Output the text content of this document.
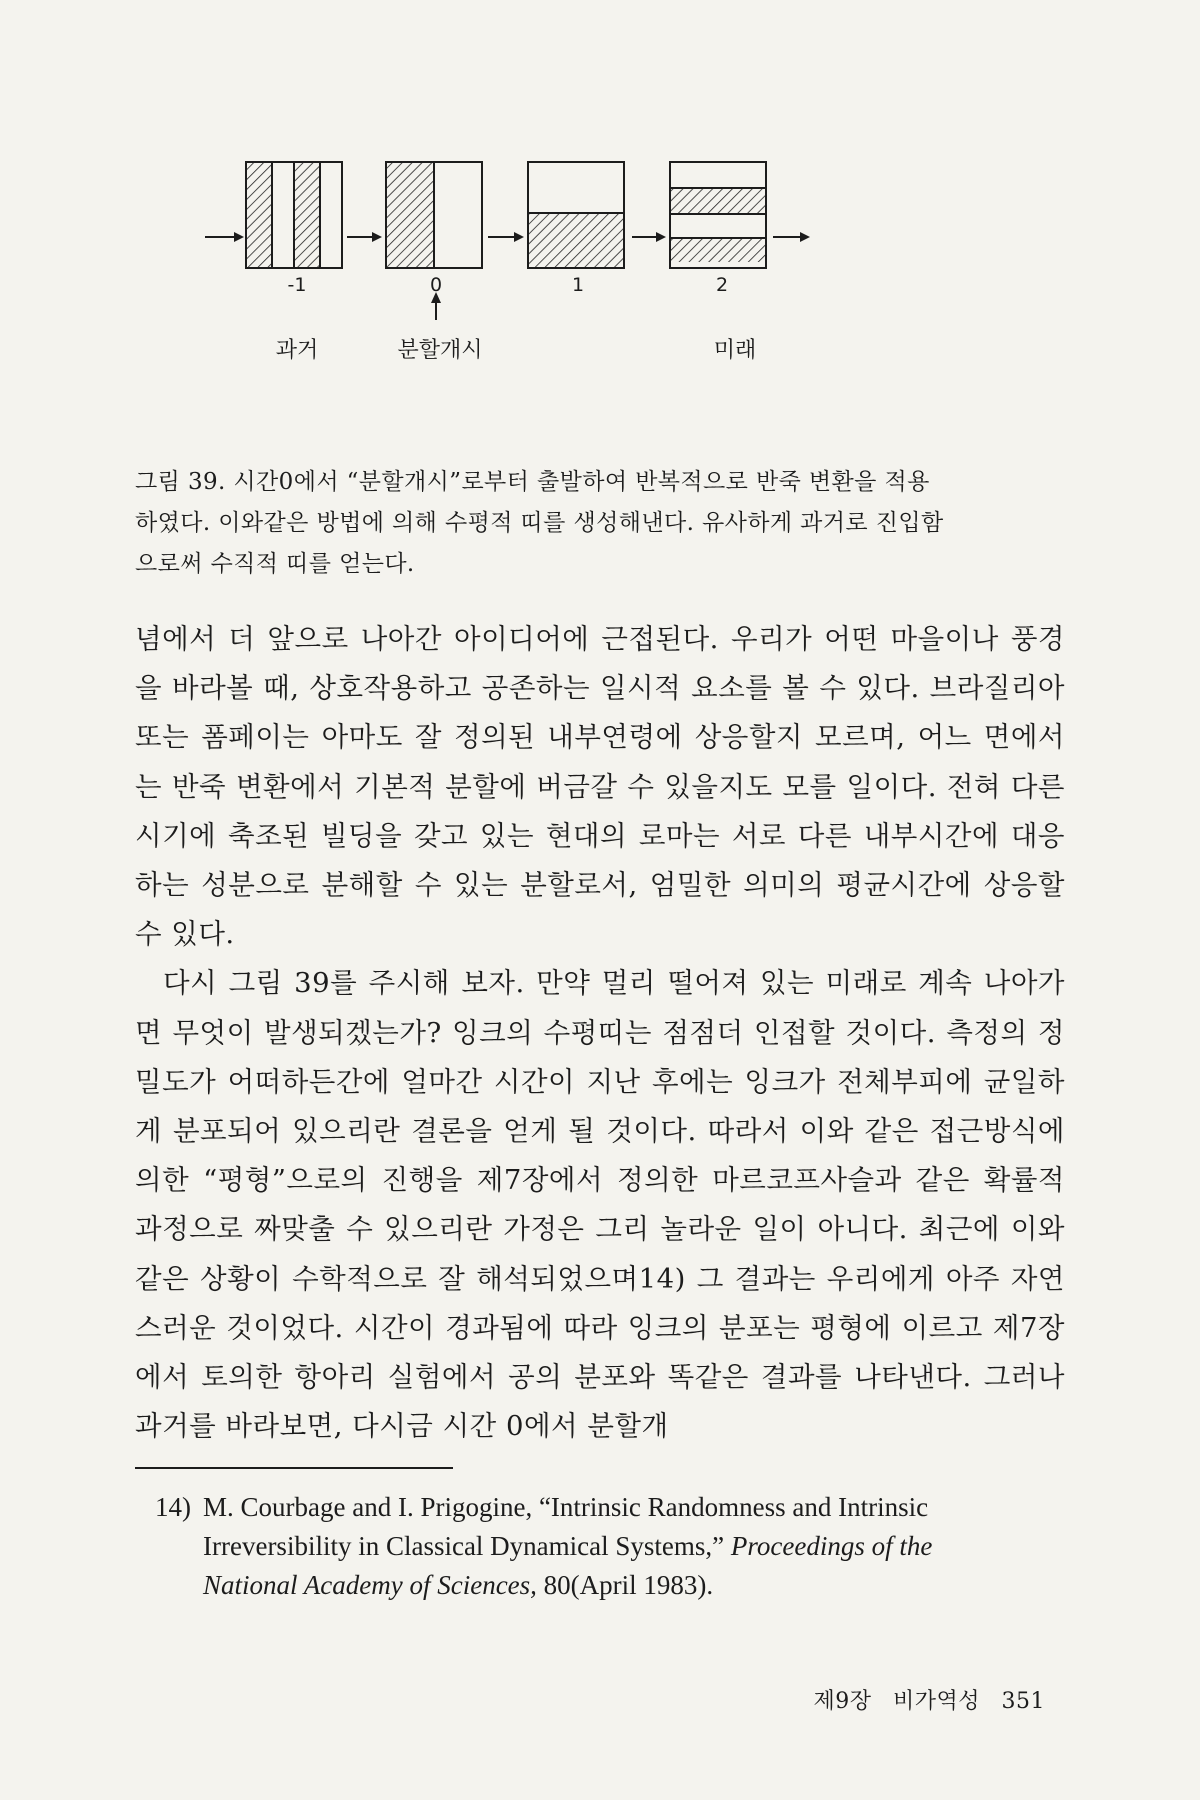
-1	0	1	2
과거	분할개시	미래
그림 39. 시간0에서 “분할개시”로부터 출발하여 반복적으로 반죽 변환을 적용
하였다. 이와같은 방법에 의해 수평적 띠를 생성해낸다. 유사하게 과거로 진입함
으로써 수직적 띠를 얻는다.

념에서 더 앞으로 나아간 아이디어에 근접된다. 우리가 어떤 마을이나 풍경을 바라볼 때, 상호작용하고 공존하는 일시적 요소를 볼 수 있다. 브라질리아 또는 폼페이는 아마도 잘 정의된 내부연령에 상응할지 모르며, 어느 면에서는 반죽 변환에서 기본적 분할에 버금갈 수 있을지도 모를 일이다. 전혀 다른 시기에 축조된 빌딩을 갖고 있는 현대의 로마는 서로 다른 내부시간에 대응하는 성분으로 분해할 수 있는 분할로서, 엄밀한 의미의 평균시간에 상응할 수 있다.

다시 그림 39를 주시해 보자. 만약 멀리 떨어져 있는 미래로 계속 나아가면 무엇이 발생되겠는가? 잉크의 수평띠는 점점더 인접할 것이다. 측정의 정밀도가 어떠하든간에 얼마간 시간이 지난 후에는 잉크가 전체부피에 균일하게 분포되어 있으리란 결론을 얻게 될 것이다. 따라서 이와 같은 접근방식에 의한 “평형”으로의 진행을 제7장에서 정의한 마르코프사슬과 같은 확률적 과정으로 짜맞출 수 있으리란 가정은 그리 놀라운 일이 아니다. 최근에 이와 같은 상황이 수학적으로 잘 해석되었으며14) 그 결과는 우리에게 아주 자연스러운 것이었다. 시간이 경과됨에 따라 잉크의 분포는 평형에 이르고 제7장에서 토의한 항아리 실험에서 공의 분포와 똑같은 결과를 나타낸다. 그러나 과거를 바라보면, 다시금 시간 0에서 분할개

14) M. Courbage and I. Prigogine, “Intrinsic Randomness and Intrinsic
Irreversibility in Classical Dynamical Systems,” Proceedings of the
National Academy of Sciences, 80(April 1983).
제9장 비가역성 351
